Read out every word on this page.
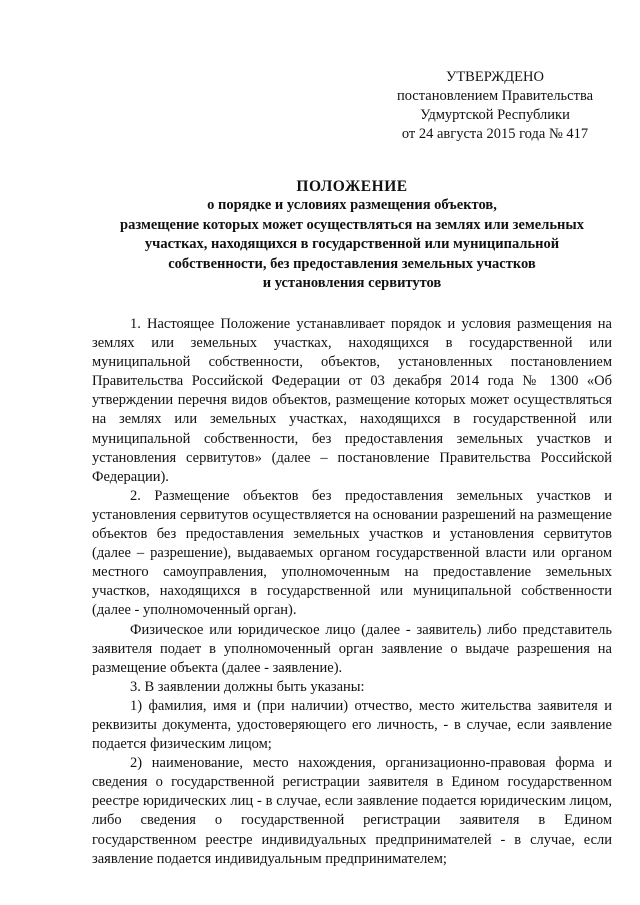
УТВЕРЖДЕНО
постановлением Правительства
Удмуртской Республики
от 24 августа 2015 года № 417
ПОЛОЖЕНИЕ
о порядке и условиях размещения объектов,
размещение которых может осуществляться на землях или земельных
участках, находящихся в государственной или муниципальной
собственности, без предоставления земельных участков
и установления сервитутов

1. Настоящее Положение устанавливает порядок и условия размещения на землях или земельных участках, находящихся в государственной или муниципальной собственности, объектов, установленных постановлением Правительства Российской Федерации от 03 декабря 2014 года № 1300 «Об утверждении перечня видов объектов, размещение которых может осуществляться на землях или земельных участках, находящихся в государственной или муниципальной собственности, без предоставления земельных участков и установления сервитутов» (далее – постановление Правительства Российской Федерации).

2. Размещение объектов без предоставления земельных участков и установления сервитутов осуществляется на основании разрешений на размещение объектов без предоставления земельных участков и установления сервитутов (далее – разрешение), выдаваемых органом государственной власти или органом местного самоуправления, уполномоченным на предоставление земельных участков, находящихся в государственной или муниципальной собственности (далее - уполномоченный орган).

Физическое или юридическое лицо (далее - заявитель) либо представитель заявителя подает в уполномоченный орган заявление о выдаче разрешения на размещение объекта (далее - заявление).

3. В заявлении должны быть указаны:

1) фамилия, имя и (при наличии) отчество, место жительства заявителя и реквизиты документа, удостоверяющего его личность, - в случае, если заявление подается физическим лицом;

2) наименование, место нахождения, организационно-правовая форма и сведения о государственной регистрации заявителя в Едином государственном реестре юридических лиц - в случае, если заявление подается юридическим лицом, либо сведения о государственной регистрации заявителя в Едином государственном реестре индивидуальных предпринимателей - в случае, если заявление подается индивидуальным предпринимателем;
